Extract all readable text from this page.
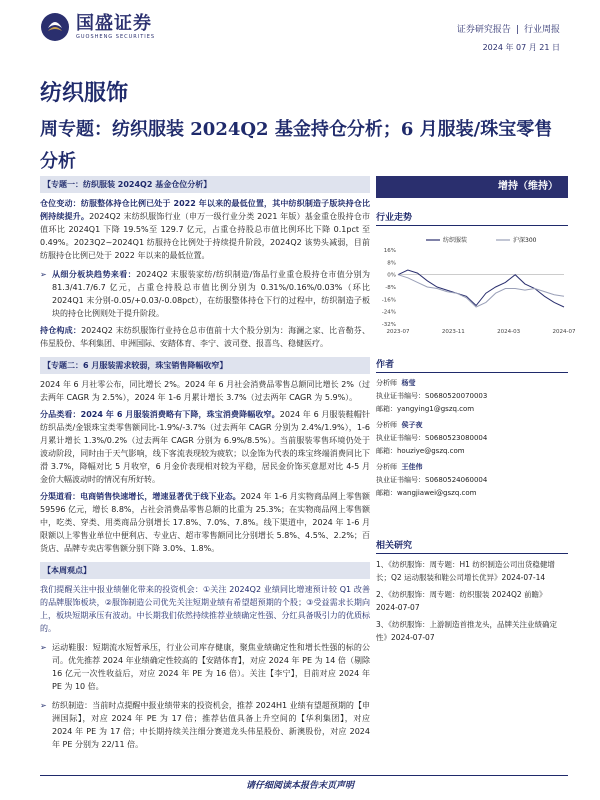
国盛证券
GUOSHENG SECURITIES
证券研究报告 | 行业周报
2024 年 07 月 21 日
纺织服饰
周专题：纺织服装 2024Q2 基金持仓分析；6 月服装/珠宝零售分析
【专题一：纺织服装 2024Q2 基金仓位分析】
仓位变动：纺服整体持仓比例已处于 2022 年以来的最低位置，其中纺织制造子版块持仓比例持续提升。2024Q2 末纺织服饰行业（申万一级行业分类 2021 年版）基金重仓股持仓市值环比 2024Q1 下降 19.5%至 129.7 亿元，占重仓持股总市值比例环比下降 0.1pct 至 0.49%。2023Q2~2024Q1 纺服持仓比例处于持续提升阶段，2024Q2 该势头减弱，目前纺服持仓比例已处于 2022 年以来的最低位置。
➢ 从细分板块趋势来看：2024Q2 末服装家纺/纺织制造/饰品行业重仓股持仓市值分别为 81.3/41.7/6.7 亿元，占重仓持股总市值比例分别为 0.31%/0.16%/0.03%（环比 2024Q1 末分别-0.05/+0.03/-0.08pct），在纺服整体持仓下行的过程中，纺织制造子板块的持仓比例则处于提升阶段。
持仓构成：2024Q2 末纺织服饰行业持仓总市值前十大个股分别为：海澜之家、比音勒芬、伟星股份、华利集团、申洲国际、安踏体育、李宁、波司登、报喜鸟、稳健医疗。
【专题二：6 月服装需求较弱，珠宝销售降幅收窄】
2024 年 6 月社零公布，同比增长 2%。2024 年 6 月社会消费品零售总额同比增长 2%（过去两年 CAGR 为 2.5%），2024 年 1-6 月累计增长 3.7%（过去两年 CAGR 为 5.9%）。
分品类看：2024 年 6 月服装消费略有下降，珠宝消费降幅收窄。2024 年 6 月服装鞋帽针纺织品类/金银珠宝类零售额同比-1.9%/-3.7%（过去两年 CAGR 分别为 2.4%/1.9%），1-6 月累计增长 1.3%/0.2%（过去两年 CAGR 分别为 6.9%/8.5%）。当前服装零售环境仍处于波动阶段，同时由于天气影响，线下客流表现较为疲软；以金饰为代表的珠宝终端消费同比下滑 3.7%，降幅对比 5 月收窄，6 月金价表现相对较为平稳，居民金价饰买意愿对比 4-5 月金价大幅波动时的情况有所好转。
分渠道看：电商销售快速增长，增速显著优于线下业态。2024 年 1-6 月实物商品网上零售额 59596 亿元，增长 8.8%，占社会消费品零售总额的比重为 25.3%；在实物商品网上零售额中，吃类、穿类、用类商品分别增长 17.8%、7.0%、7.8%。线下渠道中，2024 年 1-6 月限额以上零售业单位中便利店、专业店、超市零售额同比分别增长 5.8%、4.5%、2.2%；百货店、品牌专卖店零售额分别下降 3.0%、1.8%。
【本周观点】
我们提醒关注中报业绩催化带来的投资机会：①关注 2024Q2 业绩同比增速预计较 Q1 改善的品牌服饰板块，②服饰制造公司优先关注短期业绩有希望超预期的个股；③受益需求长期向上，板块短期承压有波动。中长期我们依然持续推荐业绩确定性强、分红具备吸引力的优质标的。
➢ 运动鞋服：短期流水短暂承压，行业公司库存健康，聚焦业绩确定性和增长性强的标的公司。优先推荐 2024 年业绩确定性较高的【安踏体育】，对应 2024 年 PE 为 14 倍（剔除 16 亿元一次性收益后，对应 2024 年 PE 为 16 倍）。关注【李宁】，目前对应 2024 年 PE 为 10 倍。
➢ 纺织制造：当前时点提醒中报业绩带来的投资机会，推荐 2024H1 业绩有望超预期的【申洲国际】，对应 2024 年 PE 为 17 倍；推荐估值具备上升空间的【华利集团】，对应 2024 年 PE 为 17 倍；中长期持续关注细分赛道龙头伟星股份、新澳股份，对应 2024 年 PE 分别为 22/11 倍。
增持（维持）
行业走势
16%
8%
0%
-8%
-16%
-24%
-32%
2023-07	2023-11	2024-03	2024-07
纺织服装	沪深300
作者
分析师 杨莹
执业证书编号：S0680520070003
邮箱：yangying1@gszq.com
分析师 侯子夜
执业证书编号：S0680523080004
邮箱：houziye@gszq.com
分析师 王佳伟
执业证书编号：S0680524060004
邮箱：wangjiawei@gszq.com
相关研究
1、《纺织服饰：周专题：H1 纺织制造公司出货稳健增长；Q2 运动服装和鞋公司增长优异》2024-07-14
2、《纺织服饰：周专题：纺织服装 2024Q2 前瞻》2024-07-07
3、《纺织服饰：上游制造首推龙头，品牌关注业绩确定性》2024-07-07
请仔细阅读本报告末页声明
